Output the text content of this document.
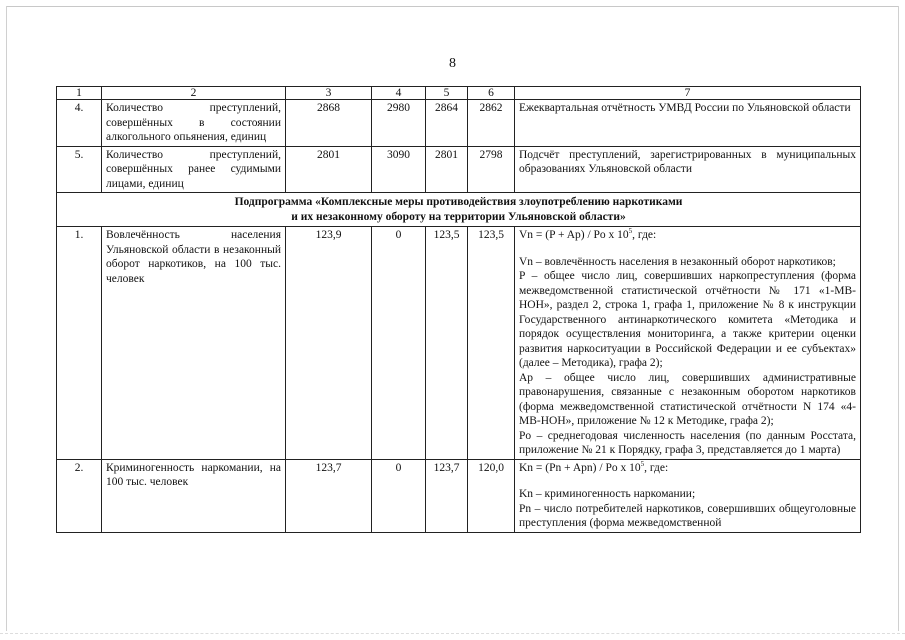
8
1	2	3	4	5	6	7
4.	Количество преступлений, совершённых в состоянии алкогольного опьянения, единиц	2868	2980	2864	2862	Ежеквартальная отчётность УМВД России по Ульяновской области
5.	Количество преступлений, совершённых ранее судимыми лицами, единиц	2801	3090	2801	2798	Подсчёт преступлений, зарегистрированных в муниципальных образованиях Ульяновской области

Подпрограмма «Комплексные меры противодействия злоупотреблению наркотиками
и их незаконному обороту на территории Ульяновской области»						

1.	Вовлечённость населения Ульяновской области в незаконный оборот наркотиков, на 100 тыс. человек	123,9	0	123,5	123,5	Vn = (P + Ap) / Po x $10^5$, где:
Vn – вовлечённость населения в незаконный оборот наркотиков;
P – общее число лиц, совершивших наркопреступления (форма межведомственной статистической отчётности № 171 «1-МВ-НОН», раздел 2, строка 1, графа 1, приложение № 8 к инструкции Государственного антинаркотического комитета «Методика и порядок осуществления мониторинга, а также критерии оценки развития наркоситуации в Российской Федерации и ее субъектах» (далее – Методика), графа 2);
Ap – общее число лиц, совершивших административные правонарушения, связанные с незаконным оборотом наркотиков (форма межведомственной статистической отчётности N 174 «4-МВ-НОН», приложение № 12 к Методике, графа 2);
Po – среднегодовая численность населения (по данным Росстата, приложение № 21 к Порядку, графа 3, представляется до 1 марта)

2.	Криминогенность наркомании, на 100 тыс. человек	123,7	0	123,7	120,0	Kn = (Pn + Apn) / Po x $10^5$, где:
Kn – криминогенность наркомании;
Pn – число потребителей наркотиков, совершивших общеуголовные преступления (форма межведомственной
